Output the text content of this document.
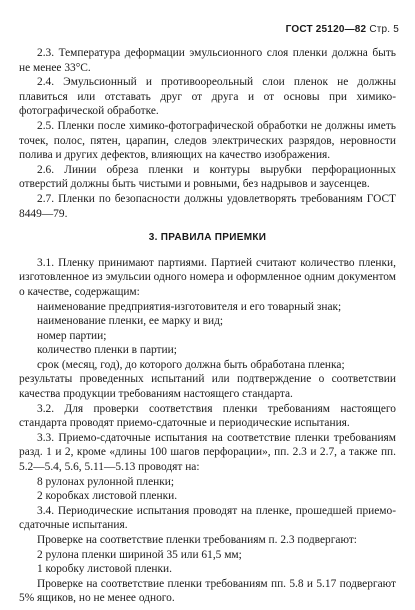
ГОСТ 25120—82 Стр. 5

2.3. Температура деформации эмульсионного слоя пленки должна быть не менее 33°С.

2.4. Эмульсионный и противоореольный слои пленок не должны плавиться или отставать друг от друга и от основы при химико-фотографической обработке.

2.5. Пленки после химико-фотографической обработки не должны иметь точек, полос, пятен, царапин, следов электрических разрядов, неровности полива и других дефектов, влияющих на качество изображения.

2.6. Линии обреза пленки и контуры вырубки перфорационных отверстий должны быть чистыми и ровными, без надрывов и заусенцев.

2.7. Пленки по безопасности должны удовлетворять требованиям ГОСТ 8449—79.

3. ПРАВИЛА ПРИЕМКИ

3.1. Пленку принимают партиями. Партией считают количество пленки, изготовленное из эмульсии одного номера и оформленное одним документом о качестве, содержащим:

наименование предприятия-изготовителя и его товарный знак;

наименование пленки, ее марку и вид;

номер партии;

количество пленки в партии;

срок (месяц, год), до которого должна быть обработана пленка;

результаты проведенных испытаний или подтверждение о соответствии качества продукции требованиям настоящего стандарта.

3.2. Для проверки соответствия пленки требованиям настоящего стандарта проводят приемо-сдаточные и периодические испытания.

3.3. Приемо-сдаточные испытания на соответствие пленки требованиям разд. 1 и 2, кроме «длины 100 шагов перфорации», пп. 2.3 и 2.7, а также пп. 5.2—5.4, 5.6, 5.11—5.13 проводят на:

8 рулонах рулонной пленки;

2 коробках листовой пленки.

3.4. Периодические испытания проводят на пленке, прошедшей приемо-сдаточные испытания.

Проверке на соответствие пленки требованиям п. 2.3 подвергают:

2 рулона пленки шириной 35 или 61,5 мм;

1 коробку листовой пленки.

Проверке на соответствие пленки требованиям пп. 5.8 и 5.17 подвергают 5% ящиков, но не менее одного.
